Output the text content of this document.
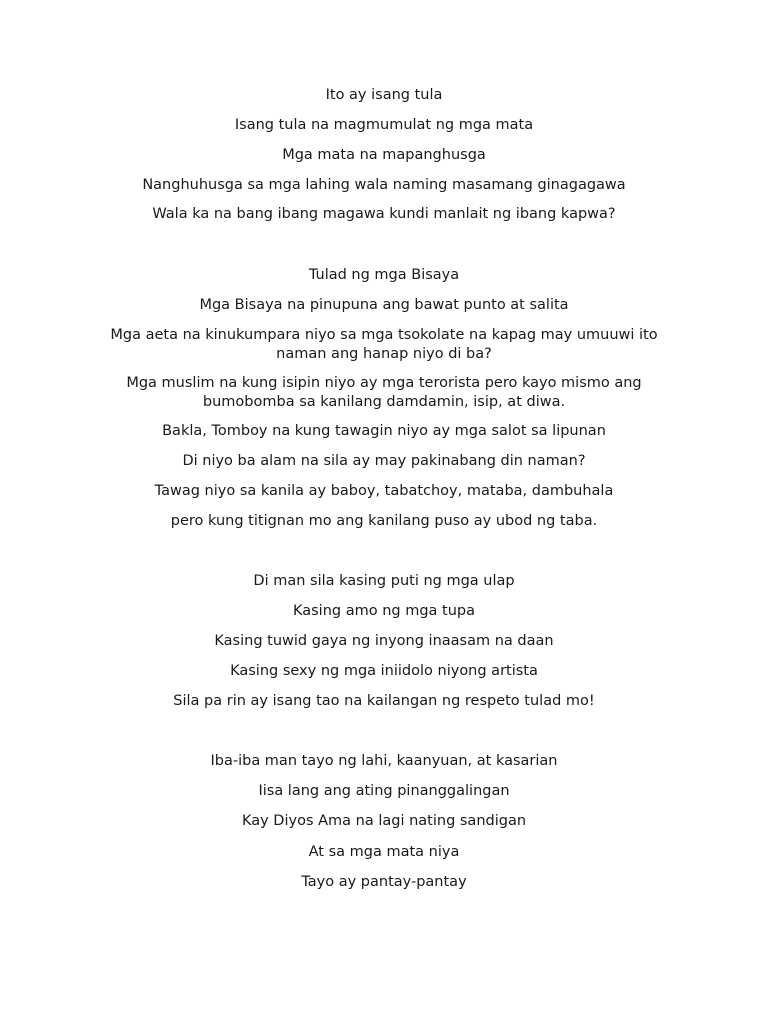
Ito ay isang tula
Isang tula na magmumulat ng mga mata
Mga mata na mapanghusga
Nanghuhusga sa mga lahing wala naming masamang ginagagawa
Wala ka na bang ibang magawa kundi manlait ng ibang kapwa?
Tulad ng mga Bisaya
Mga Bisaya na pinupuna ang bawat punto at salita
Mga aeta na kinukumpara niyo sa mga tsokolate na kapag may umuuwi ito naman ang hanap niyo di ba?
Mga muslim na kung isipin niyo ay mga terorista pero kayo mismo ang bumobomba sa kanilang damdamin, isip, at diwa.
Bakla, Tomboy na kung tawagin niyo ay mga salot sa lipunan
Di niyo ba alam na sila ay may pakinabang din naman?
Tawag niyo sa kanila ay baboy, tabatchoy, mataba, dambuhala
pero kung titignan mo ang kanilang puso ay ubod ng taba.
Di man sila kasing puti ng mga ulap
Kasing amo ng mga tupa
Kasing tuwid gaya ng inyong inaasam na daan
Kasing sexy ng mga iniidolo niyong artista
Sila pa rin ay isang tao na kailangan ng respeto tulad mo!
Iba-iba man tayo ng lahi, kaanyuan, at kasarian
Iisa lang ang ating pinanggalingan
Kay Diyos Ama na lagi nating sandigan
At sa mga mata niya
Tayo ay pantay-pantay
